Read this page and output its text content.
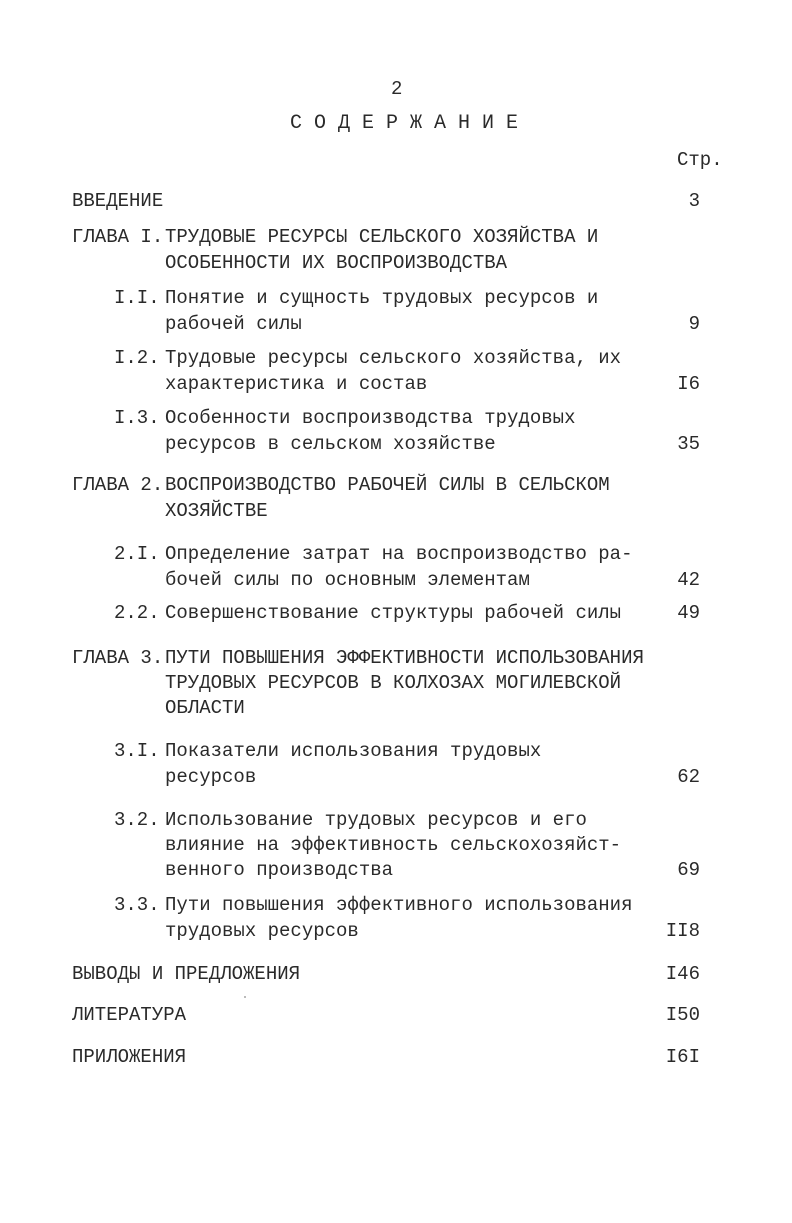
2
С О Д Е Р Ж А Н И Е
Стр.
ВВЕДЕНИЕ	3
ГЛАВА I. ТРУДОВЫЕ РЕСУРСЫ СЕЛЬСКОГО ХОЗЯЙСТВА И
ОСОБЕННОСТИ ИХ ВОСПРОИЗВОДСТВА
I.I. Понятие и сущность трудовых ресурсов и
рабочей силы	9
I.2. Трудовые ресурсы сельского хозяйства, их
характеристика и состав	I6
I.3. Особенности воспроизводства трудовых
ресурсов в сельском хозяйстве	35
ГЛАВА 2. ВОСПРОИЗВОДСТВО РАБОЧЕЙ СИЛЫ В СЕЛЬСКОМ
ХОЗЯЙСТВЕ
2.I. Определение затрат на воспроизводство ра-
бочей силы по основным элементам	42
2.2. Совершенствование структуры рабочей силы	49
ГЛАВА 3. ПУТИ ПОВЫШЕНИЯ ЭФФЕКТИВНОСТИ ИСПОЛЬЗОВАНИЯ
ТРУДОВЫХ РЕСУРСОВ В КОЛХОЗАХ МОГИЛЕВСКОЙ
ОБЛАСТИ
3.I. Показатели использования трудовых
ресурсов	62
3.2. Использование трудовых ресурсов и его
влияние на эффективность сельскохозяйст-
венного производства	69
3.3. Пути повышения эффективного использования
трудовых ресурсов	II8
ВЫВОДЫ И ПРЕДЛОЖЕНИЯ	I46
ЛИТЕРАТУРА	I50
ПРИЛОЖЕНИЯ	I6I
